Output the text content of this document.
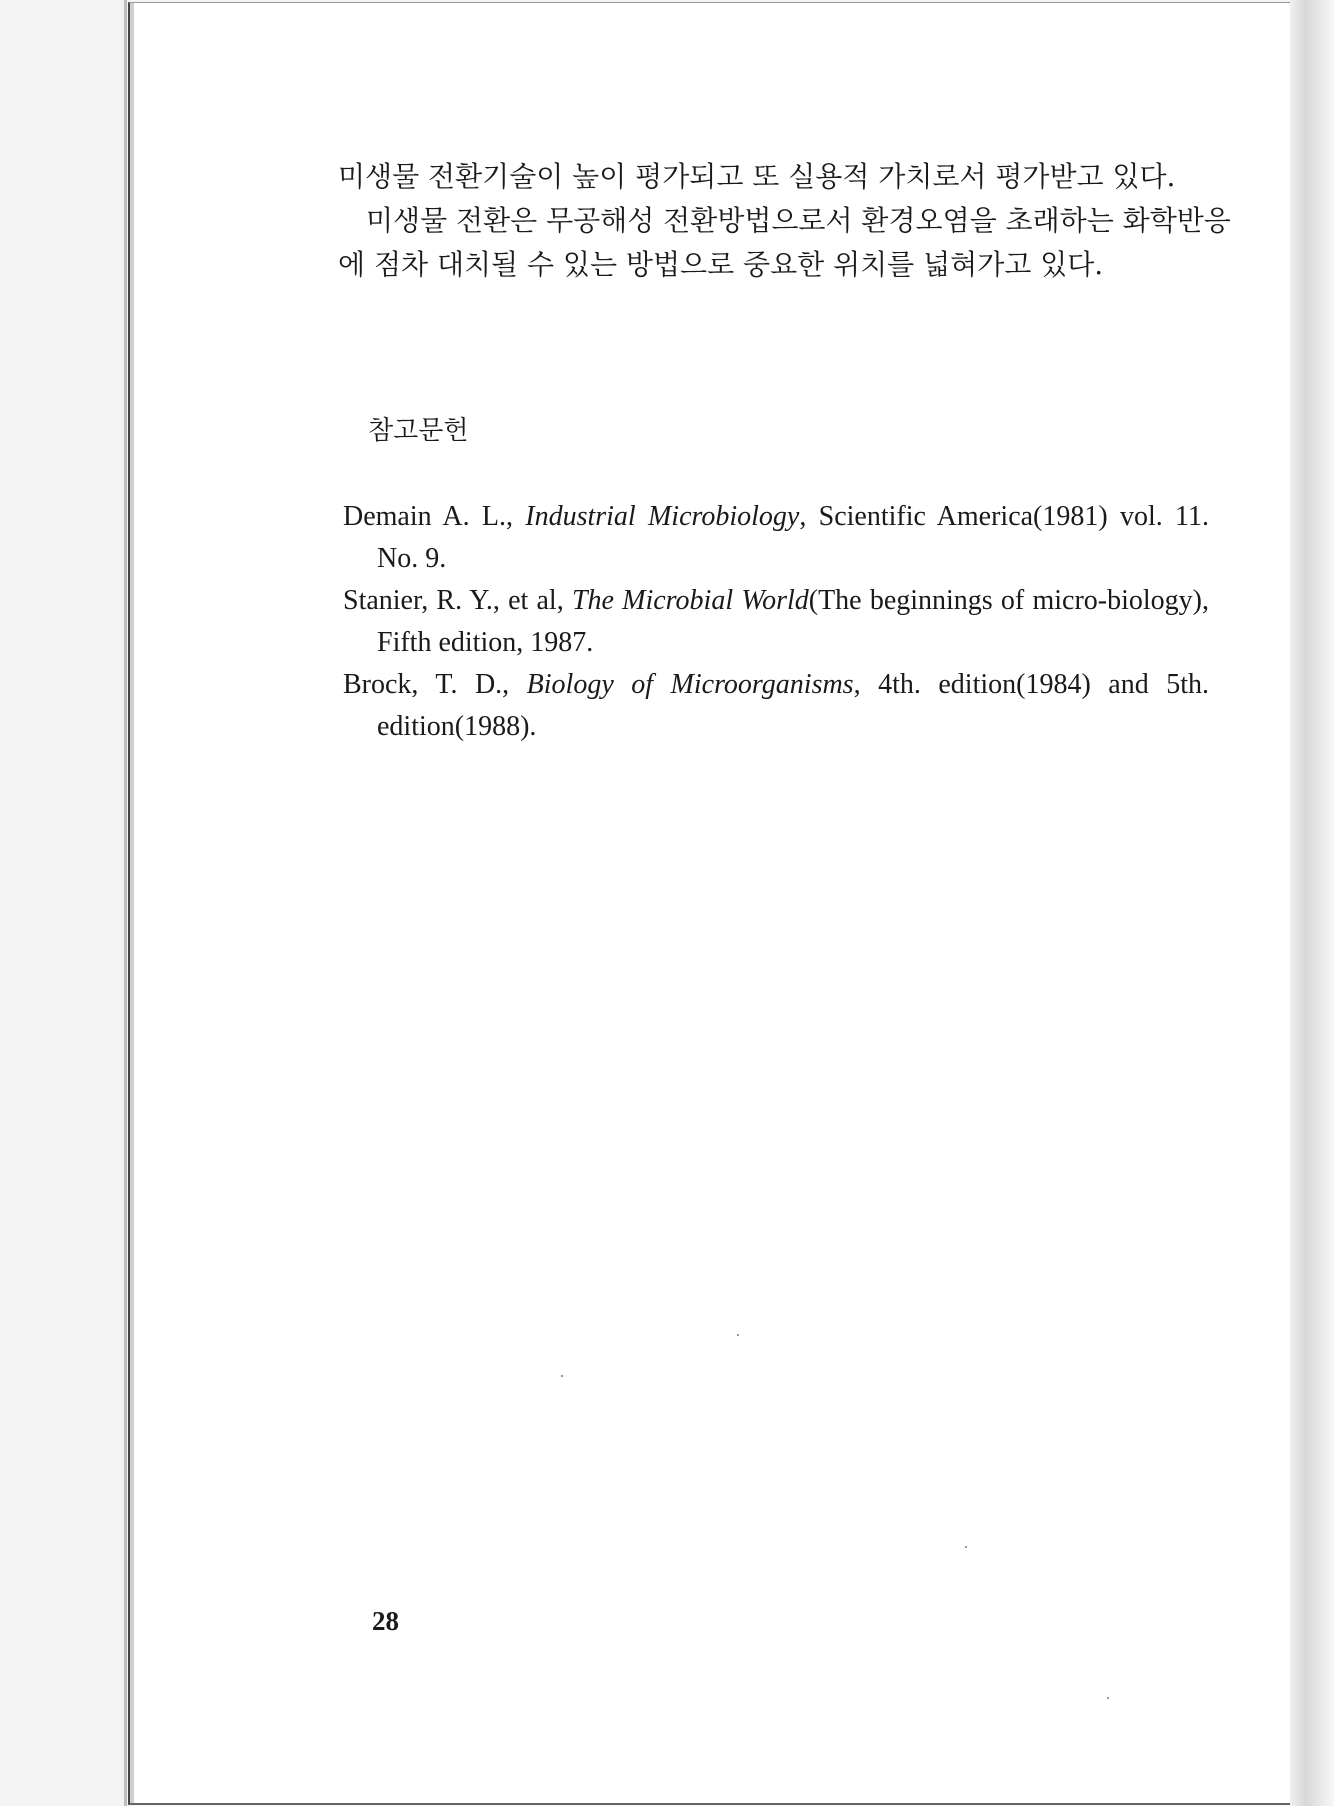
미생물 전환기술이 높이 평가되고 또 실용적 가치로서 평가받고 있다.

미생물 전환은 무공해성 전환방법으로서 환경오염을 초래하는 화학반응

에 점차 대치될 수 있는 방법으로 중요한 위치를 넓혀가고 있다.

참고문헌

Demain A. L., Industrial Microbiology, Scientific America(1981) vol. 11. No. 9.

Stanier, R. Y., et al, The Microbial World(The beginnings of micro-biology), Fifth edition, 1987.

Brock, T. D., Biology of Microorganisms, 4th. edition(1984) and 5th. edition(1988).

28
